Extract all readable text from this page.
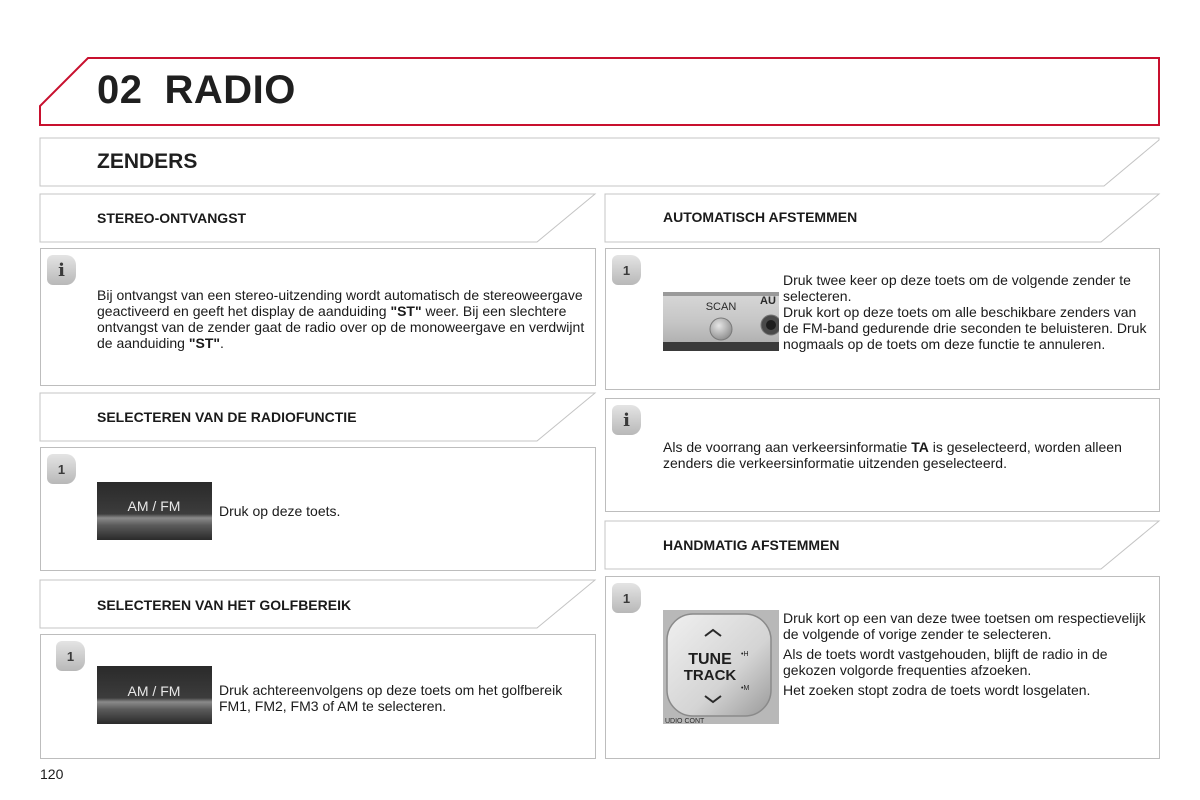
02 RADIO
ZENDERS
STEREO-ONTVANGST
SELECTEREN VAN DE RADIOFUNCTIE
SELECTEREN VAN HET GOLFBEREIK
AUTOMATISCH AFSTEMMEN
HANDMATIG AFSTEMMEN
i
Bij ontvangst van een stereo-uitzending wordt automatisch de stereoweergave geactiveerd en geeft het display de aanduiding "ST" weer. Bij een slechtere ontvangst van de zender gaat de radio over op de monoweergave en verdwijnt de aanduiding "ST".
1
AM / FM	Druk op deze toets.
1
AM / FM	Druk achtereenvolgens op deze toets om het golfbereik FM1, FM2, FM3 of AM te selecteren.
1
SCAN AU

Druk twee keer op deze toets om de volgende zender te selecteren.

Druk kort op deze toets om alle beschikbare zenders van de FM-band gedurende drie seconden te beluisteren. Druk nogmaals op de toets om deze functie te annuleren.

i
Als de voorrang aan verkeersinformatie TA is geselecteerd, worden alleen zenders die verkeersinformatie uitzenden geselecteerd.
1
TUNE
TRACK
•H
•M
UDIO CONT

Druk kort op een van deze twee toetsen om respectievelijk de volgende of vorige zender te selecteren.

Als de toets wordt vastgehouden, blijft de radio in de gekozen volgorde frequenties afzoeken.

Het zoeken stopt zodra de toets wordt losgelaten.

120
